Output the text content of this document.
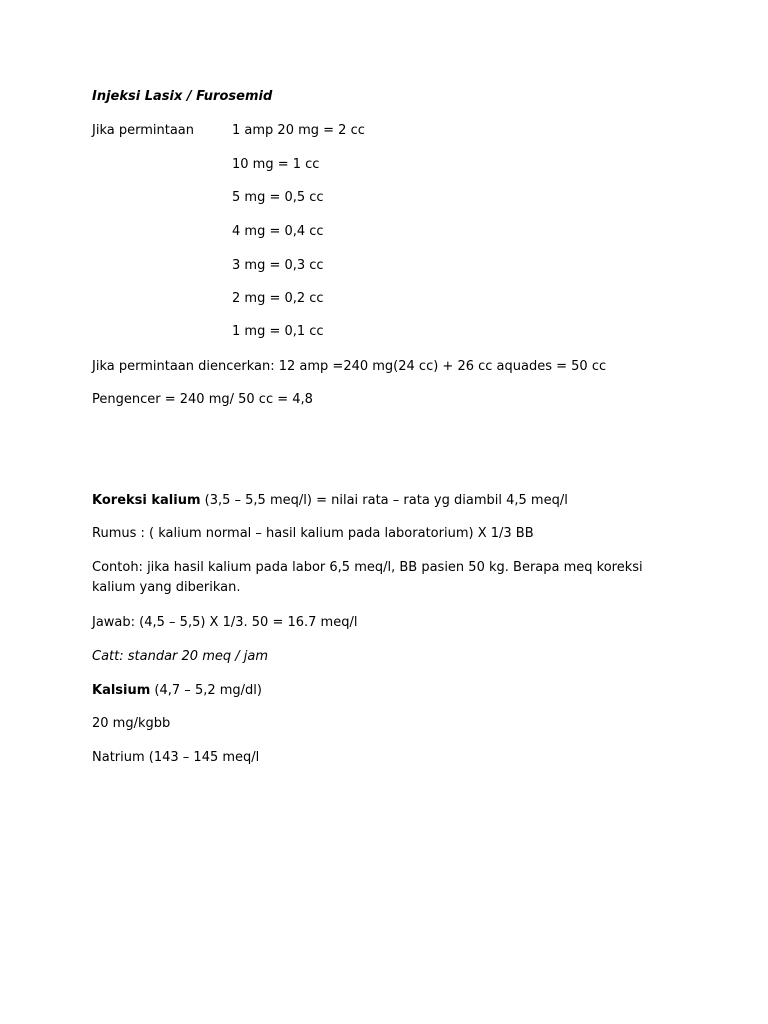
Injeksi Lasix / Furosemid
Jika permintaan	1 amp 20 mg = 2 cc
10 mg = 1 cc
5 mg = 0,5 cc
4 mg = 0,4 cc
3 mg = 0,3 cc
2 mg = 0,2 cc
1 mg = 0,1 cc
Jika permintaan diencerkan: 12 amp =240 mg(24 cc) + 26 cc aquades = 50 cc
Pengencer = 240 mg/ 50 cc = 4,8
Koreksi kalium (3,5 – 5,5 meq/l) = nilai rata – rata yg diambil 4,5 meq/l
Rumus : ( kalium normal – hasil kalium pada laboratorium) X 1/3 BB
Contoh: jika hasil kalium pada labor 6,5 meq/l, BB pasien 50 kg. Berapa meq koreksi kalium yang diberikan.
Jawab: (4,5 – 5,5) X 1/3. 50 = 16.7 meq/l
Catt: standar 20 meq / jam
Kalsium (4,7 – 5,2 mg/dl)
20 mg/kgbb
Natrium (143 – 145 meq/l
